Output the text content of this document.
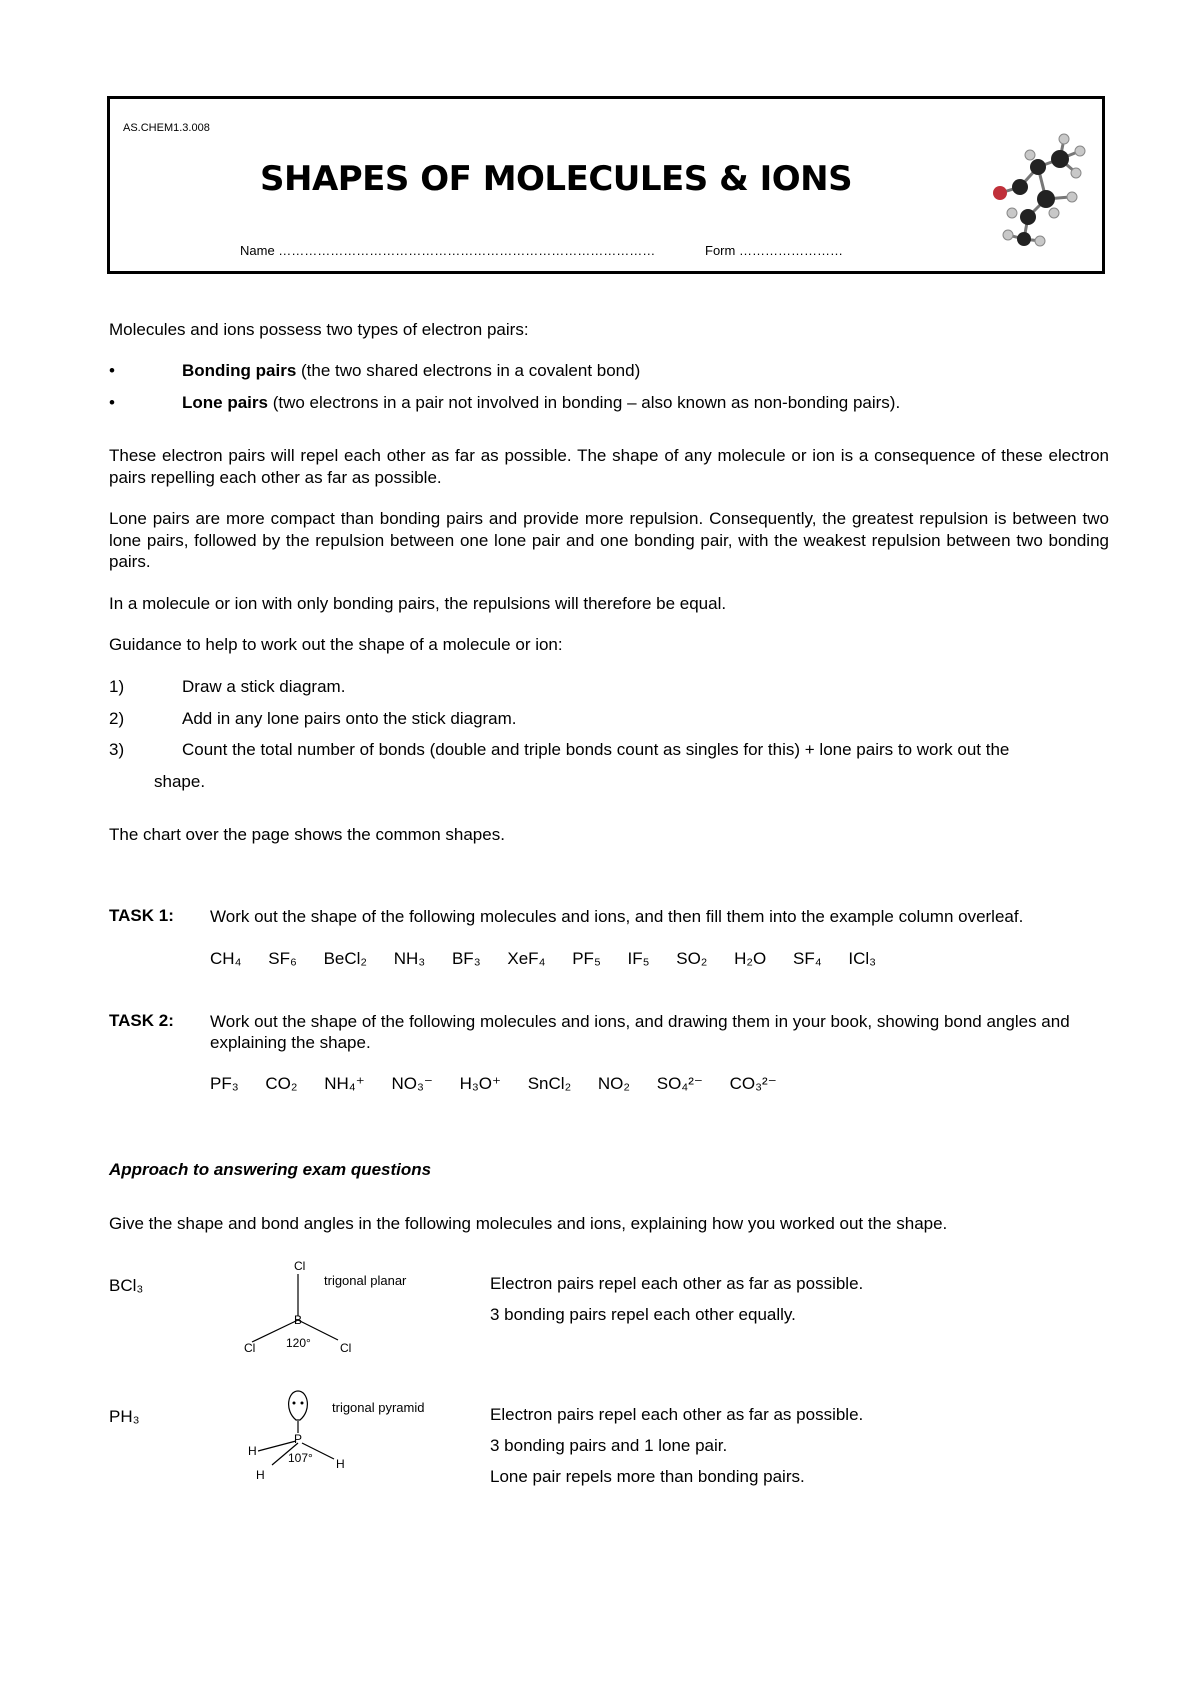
AS.CHEM1.3.008
SHAPES OF MOLECULES & IONS
Name ……………………………………………………………………………	Form ……………………

Molecules and ions possess two types of electron pairs:

•	Bonding pairs (the two shared electrons in a covalent bond)
•	Lone pairs (two electrons in a pair not involved in bonding – also known as non-bonding pairs).

These electron pairs will repel each other as far as possible. The shape of any molecule or ion is a consequence of these electron pairs repelling each other as far as possible.

Lone pairs are more compact than bonding pairs and provide more repulsion. Consequently, the greatest repulsion is between two lone pairs, followed by the repulsion between one lone pair and one bonding pair, with the weakest repulsion between two bonding pairs.

In a molecule or ion with only bonding pairs, the repulsions will therefore be equal.

Guidance to help to work out the shape of a molecule or ion:

1)	Draw a stick diagram.
2)	Add in any lone pairs onto the stick diagram.
3)	Count the total number of bonds (double and triple bonds count as singles for this) + lone pairs to work out the
shape.

The chart over the page shows the common shapes.

TASK 1: Work out the shape of the following molecules and ions, and then fill them into the example column overleaf.
CH₄ SF₆ BeCl₂ NH₃ BF₃ XeF₄ PF₅ IF₅ SO₂ H₂O SF₄ ICl₃
TASK 2: Work out the shape of the following molecules and ions, and drawing them in your book, showing bond angles and explaining the shape.
PF₃ CO₂ NH₄⁺ NO₃⁻ H₃O⁺ SnCl₂ NO₂ SO₄²⁻ CO₃²⁻
Approach to answering exam questions

Give the shape and bond angles in the following molecules and ions, explaining how you worked out the shape.

BCl₃
Cl
B
Cl	Cl
120°
trigonal planar	Electron pairs repel each other as far as possible.
3 bonding pairs repel each other equally.
PH₃
P
H
H
H
107°
trigonal pyramid	Electron pairs repel each other as far as possible.
3 bonding pairs and 1 lone pair.
Lone pair repels more than bonding pairs.
